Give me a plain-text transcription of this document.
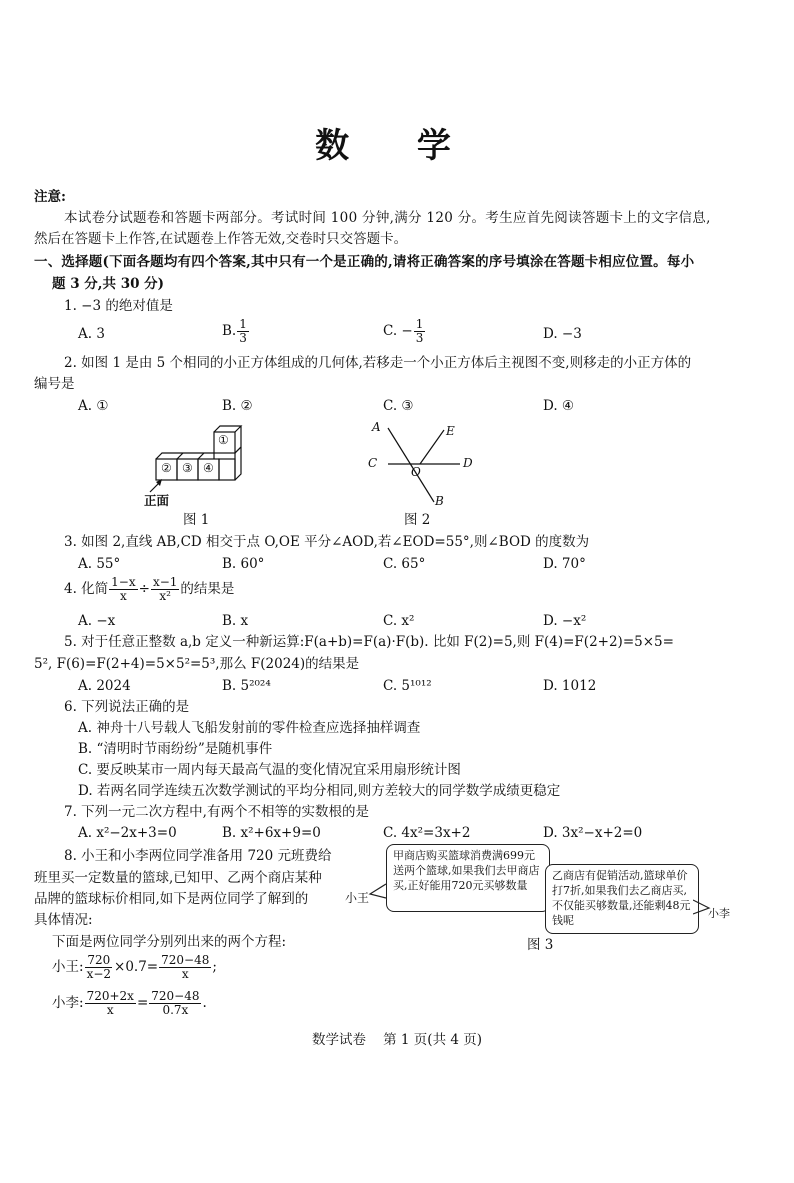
数 学
注意:
本试卷分试题卷和答题卡两部分。考试时间 100 分钟,满分 120 分。考生应首先阅读答题卡上的文字信息,
然后在答题卡上作答,在试题卷上作答无效,交卷时只交答题卡。
一、选择题(下面各题均有四个答案,其中只有一个是正确的,请将正确答案的序号填涂在答题卡相应位置。每小
题 3 分,共 30 分)
1. −3 的绝对值是
A. 3	B. $\frac{1}{3}$	C. − $\frac{1}{3}$	D. −3
2. 如图 1 是由 5 个相同的小正方体组成的几何体,若移走一个小正方体后主视图不变,则移走的小正方体的
编号是
A. ①	B. ②	C. ③	D. ④
①
② ③ ④
正面
图 1
A	E
C	D
O
B
图 2
3. 如图 2,直线 AB,CD 相交于点 O,OE 平分∠AOD,若∠EOD=55°,则∠BOD 的度数为
A. 55°	B. 60°	C. 65°	D. 70°
4. 化简 $\frac{1-x}{x} \div \frac{x-1}{\text{x²}}$ 的结果是
A. −x	B. x	C. x²	D. −x²
5. 对于任意正整数 a,b 定义一种新运算:F(a+b)=F(a)·F(b). 比如 F(2)=5,则 F(4)=F(2+2)=5×5=
5², F(6)=F(2+4)=5×5²=5³,那么 F(2024)的结果是
A. 2024	B. 5²⁰²⁴	C. 5¹⁰¹²	D. 1012
6. 下列说法正确的是
A. 神舟十八号载人飞船发射前的零件检查应选择抽样调查
B. “清明时节雨纷纷”是随机事件
C. 要反映某市一周内每天最高气温的变化情况宜采用扇形统计图
D. 若两名同学连续五次数学测试的平均分相同,则方差较大的同学数学成绩更稳定
7. 下列一元二次方程中,有两个不相等的实数根的是
A. x²−2x+3=0	B. x²+6x+9=0	C. 4x²=3x+2	D. 3x²−x+2=0
8. 小王和小李两位同学准备用 720 元班费给
班里买一定数量的篮球,已知甲、乙两个商店某种
品牌的篮球标价相同,如下是两位同学了解到的
具体情况:
下面是两位同学分别列出来的两个方程:
小王: $\frac{720}{x-2} \times 0.7= \frac{720-48}{x}$ ;
小李: $\frac{720+2x}{x} = \frac{720-48}{0.7x}$ .
小王
甲商店购买篮球消费满699元送两个篮球,如果我们去甲商店买,正好能用720元买够数量
乙商店有促销活动,篮球单价打7折,如果我们去乙商店买,不仅能买够数量,还能剩48元钱呢
小李
图 3
数学试卷    第 1 页(共 4 页)
